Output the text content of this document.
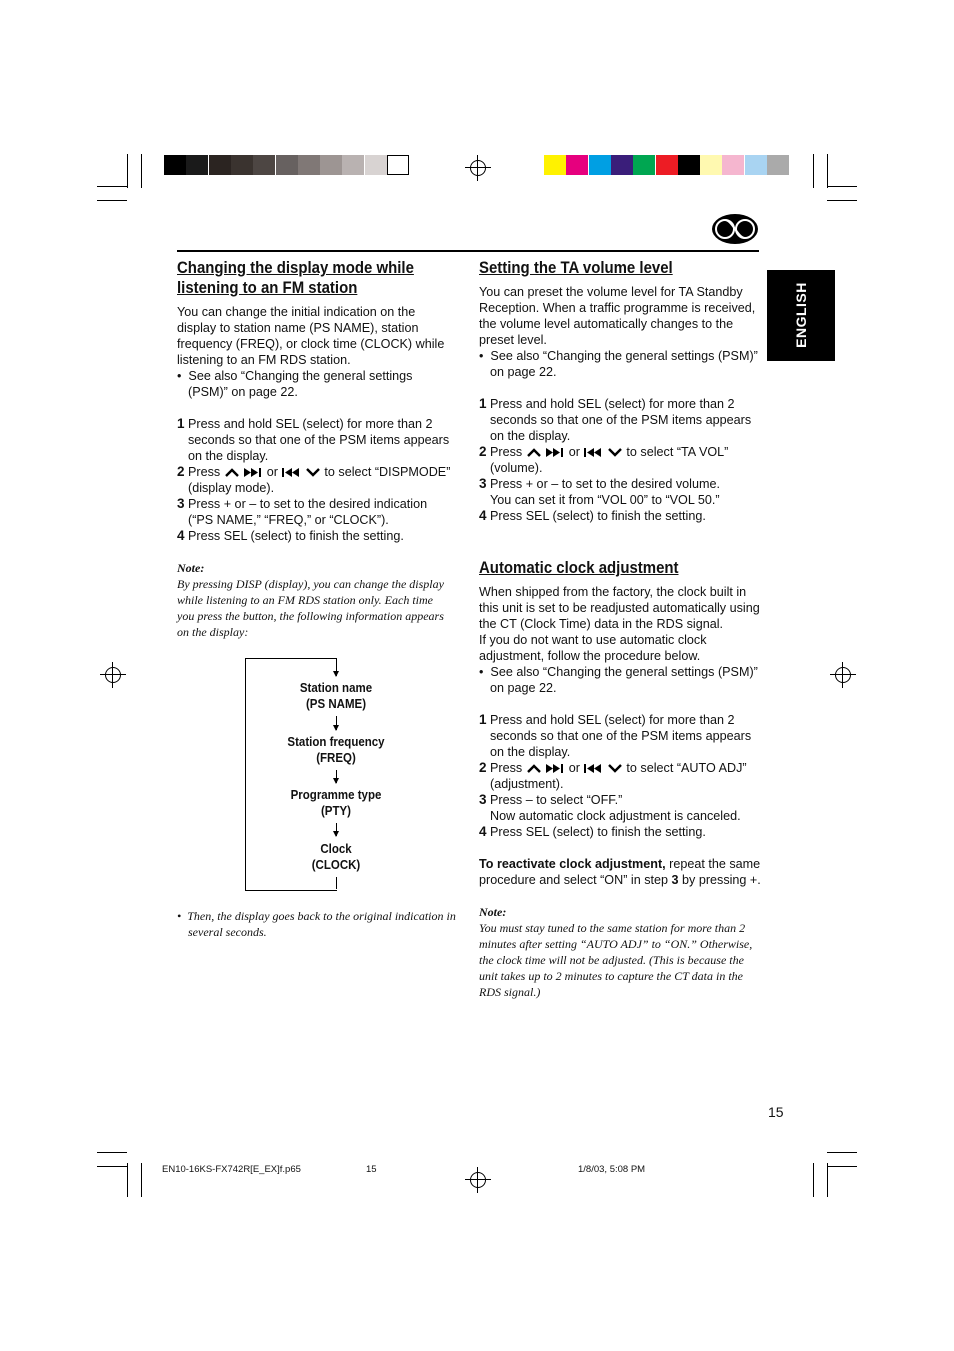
ENGLISH
Changing the display mode while
listening to an FM station

You can change the initial indication on the display to station name (PS NAME), station frequency (FREQ), or clock time (CLOCK) while listening to an FM RDS station.

•  See also “Changing the general settings (PSM)” on page 22.

1 Press and hold SEL (select) for more than 2 seconds so that one of the PSM items appears on the display.

2 Press	or	to select “DISPMODE” (display mode).

3 Press + or – to set to the desired indication (“PS NAME,” “FREQ,” or “CLOCK”).

4 Press SEL (select) to finish the setting.

Note:

By pressing DISP (display), you can change the display while listening to an FM RDS station only. Each time you press the button, the following information appears on the display:

Station name
(PS NAME)
Station frequency
(FREQ)
Programme type
(PTY)
Clock
(CLOCK)

•  Then, the display goes back to the original indication in several seconds.

Setting the TA volume level

You can preset the volume level for TA Standby Reception. When a traffic programme is received, the volume level automatically changes to the preset level.

•  See also “Changing the general settings (PSM)” on page 22.

1 Press and hold SEL (select) for more than 2 seconds so that one of the PSM items appears on the display.

2 Press	or	to select “TA VOL” (volume).

3 Press + or – to set to the desired volume.
You can set it from “VOL 00” to “VOL 50.”

4 Press SEL (select) to finish the setting.

Automatic clock adjustment

When shipped from the factory, the clock built in this unit is set to be readjusted automatically using the CT (Clock Time) data in the RDS signal.

If you do not want to use automatic clock adjustment, follow the procedure below.

•  See also “Changing the general settings (PSM)” on page 22.

1 Press and hold SEL (select) for more than 2 seconds so that one of the PSM items appears on the display.

2 Press	or	to select “AUTO ADJ” (adjustment).

3 Press – to select “OFF.”
Now automatic clock adjustment is canceled.

4 Press SEL (select) to finish the setting.

To reactivate clock adjustment, repeat the same procedure and select “ON” in step 3 by pressing +.

Note:

You must stay tuned to the same station for more than 2 minutes after setting “AUTO ADJ” to “ON.” Otherwise, the clock time will not be adjusted. (This is because the unit takes up to 2 minutes to capture the CT data in the RDS signal.)

15
EN10-16KS-FX742R[E_EX]f.p65	15	1/8/03, 5:08 PM
